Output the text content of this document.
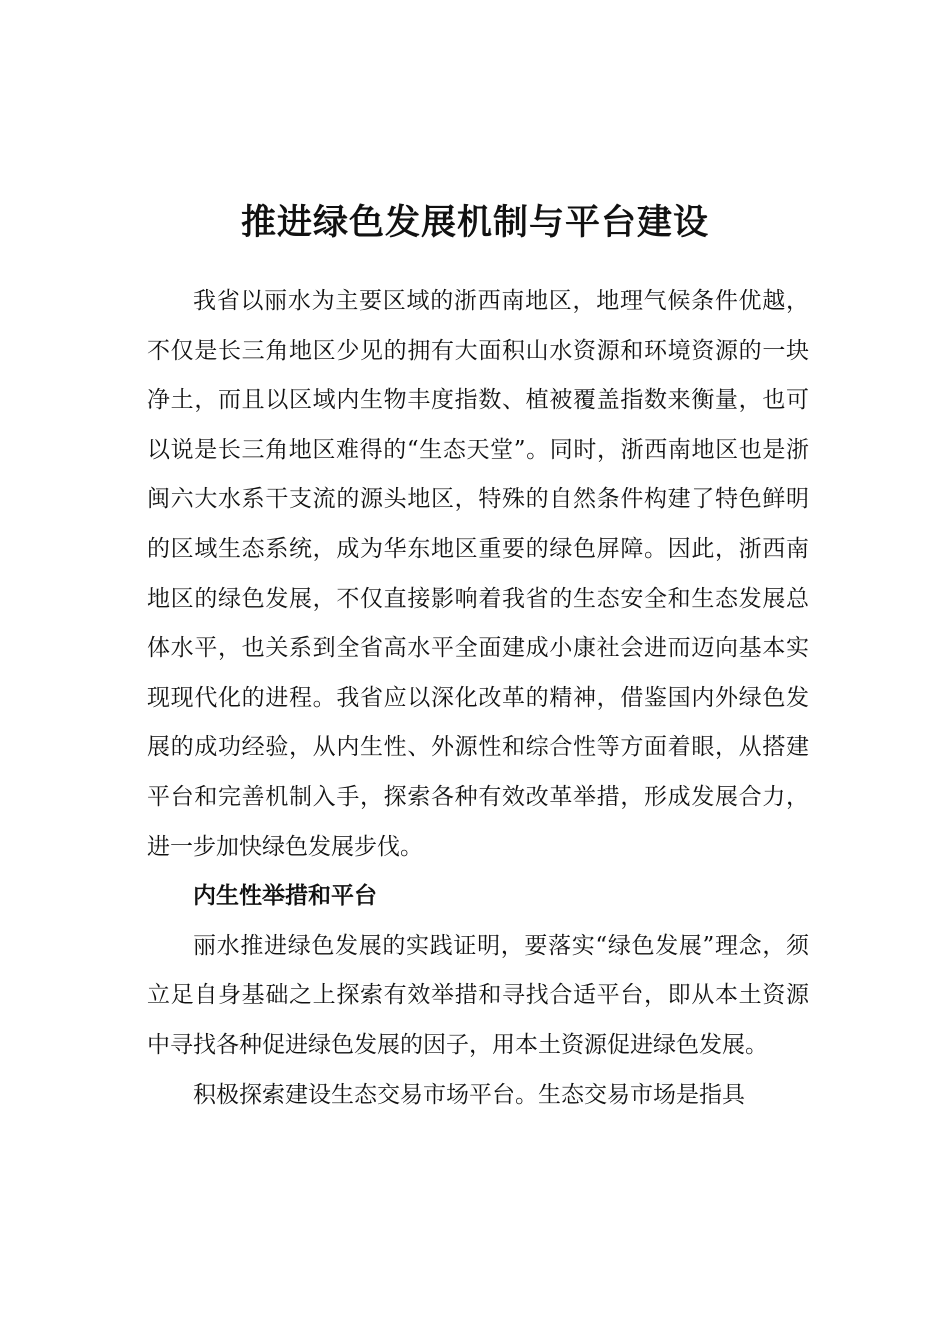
推进绿色发展机制与平台建设

我省以丽水为主要区域的浙西南地区，地理气候条件优越，不仅是长三角地区少见的拥有大面积山水资源和环境资源的一块净土，而且以区域内生物丰度指数、植被覆盖指数来衡量，也可以说是长三角地区难得的“生态天堂”。同时，浙西南地区也是浙闽六大水系干支流的源头地区，特殊的自然条件构建了特色鲜明的区域生态系统，成为华东地区重要的绿色屏障。因此，浙西南地区的绿色发展，不仅直接影响着我省的生态安全和生态发展总体水平，也关系到全省高水平全面建成小康社会进而迈向基本实现现代化的进程。我省应以深化改革的精神，借鉴国内外绿色发展的成功经验，从内生性、外源性和综合性等方面着眼，从搭建平台和完善机制入手，探索各种有效改革举措，形成发展合力，进一步加快绿色发展步伐。

内生性举措和平台

丽水推进绿色发展的实践证明，要落实“绿色发展”理念，须立足自身基础之上探索有效举措和寻找合适平台，即从本土资源中寻找各种促进绿色发展的因子，用本土资源促进绿色发展。

积极探索建设生态交易市场平台。生态交易市场是指具
